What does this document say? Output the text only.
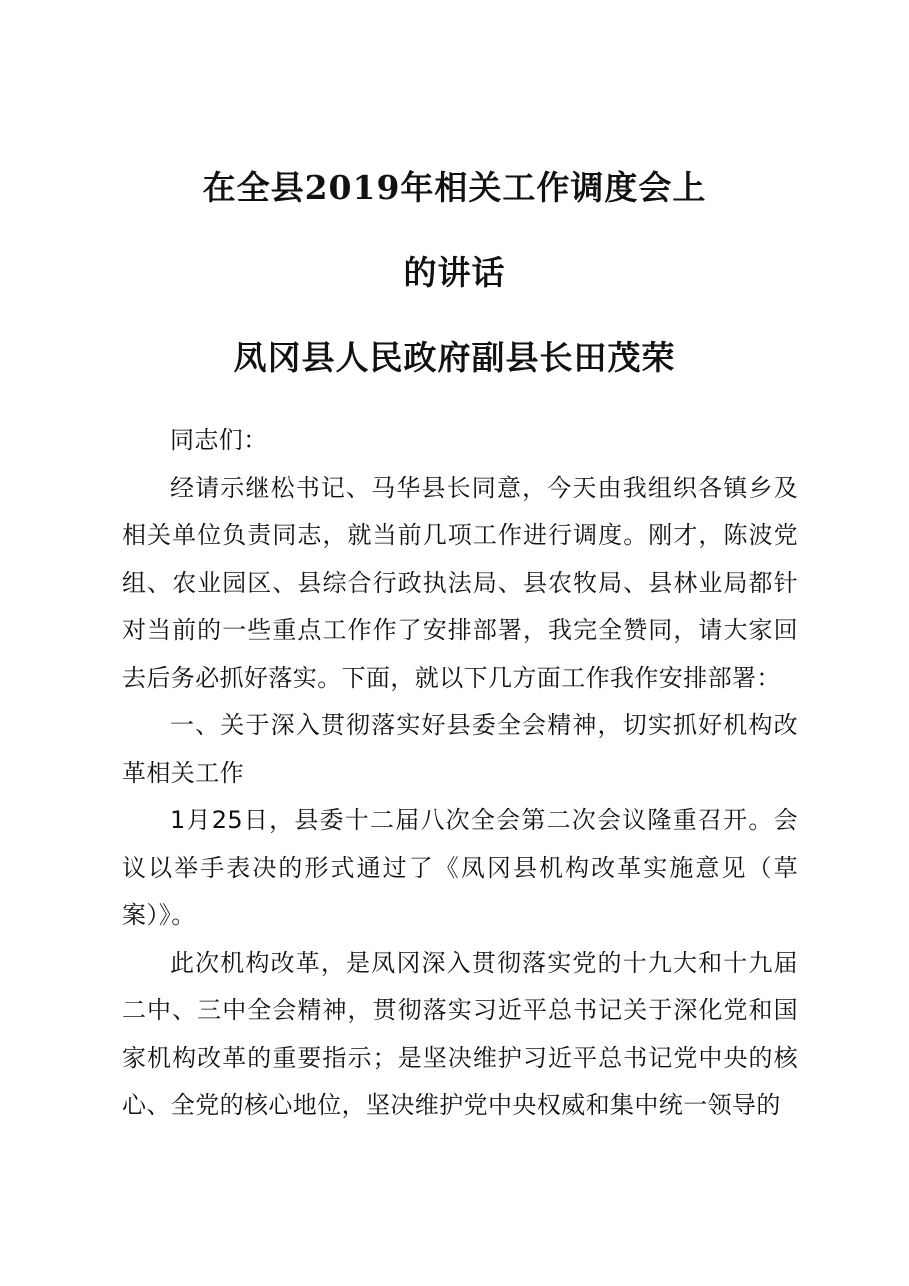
在全县2019年相关工作调度会上
的讲话
凤冈县人民政府副县长田茂荣

同志们：

经请示继松书记、马华县长同意，今天由我组织各镇乡及相关单位负责同志，就当前几项工作进行调度。刚才，陈波党组、农业园区、县综合行政执法局、县农牧局、县林业局都针对当前的一些重点工作作了安排部署，我完全赞同，请大家回去后务必抓好落实。下面，就以下几方面工作我作安排部署：

一、关于深入贯彻落实好县委全会精神，切实抓好机构改革相关工作

1月25日，县委十二届八次全会第二次会议隆重召开。会议以举手表决的形式通过了《凤冈县机构改革实施意见（草案）》。

此次机构改革，是凤冈深入贯彻落实党的十九大和十九届二中、三中全会精神，贯彻落实习近平总书记关于深化党和国家机构改革的重要指示；是坚决维护习近平总书记党中央的核心、全党的核心地位，坚决维护党中央权威和集中统一领导的
